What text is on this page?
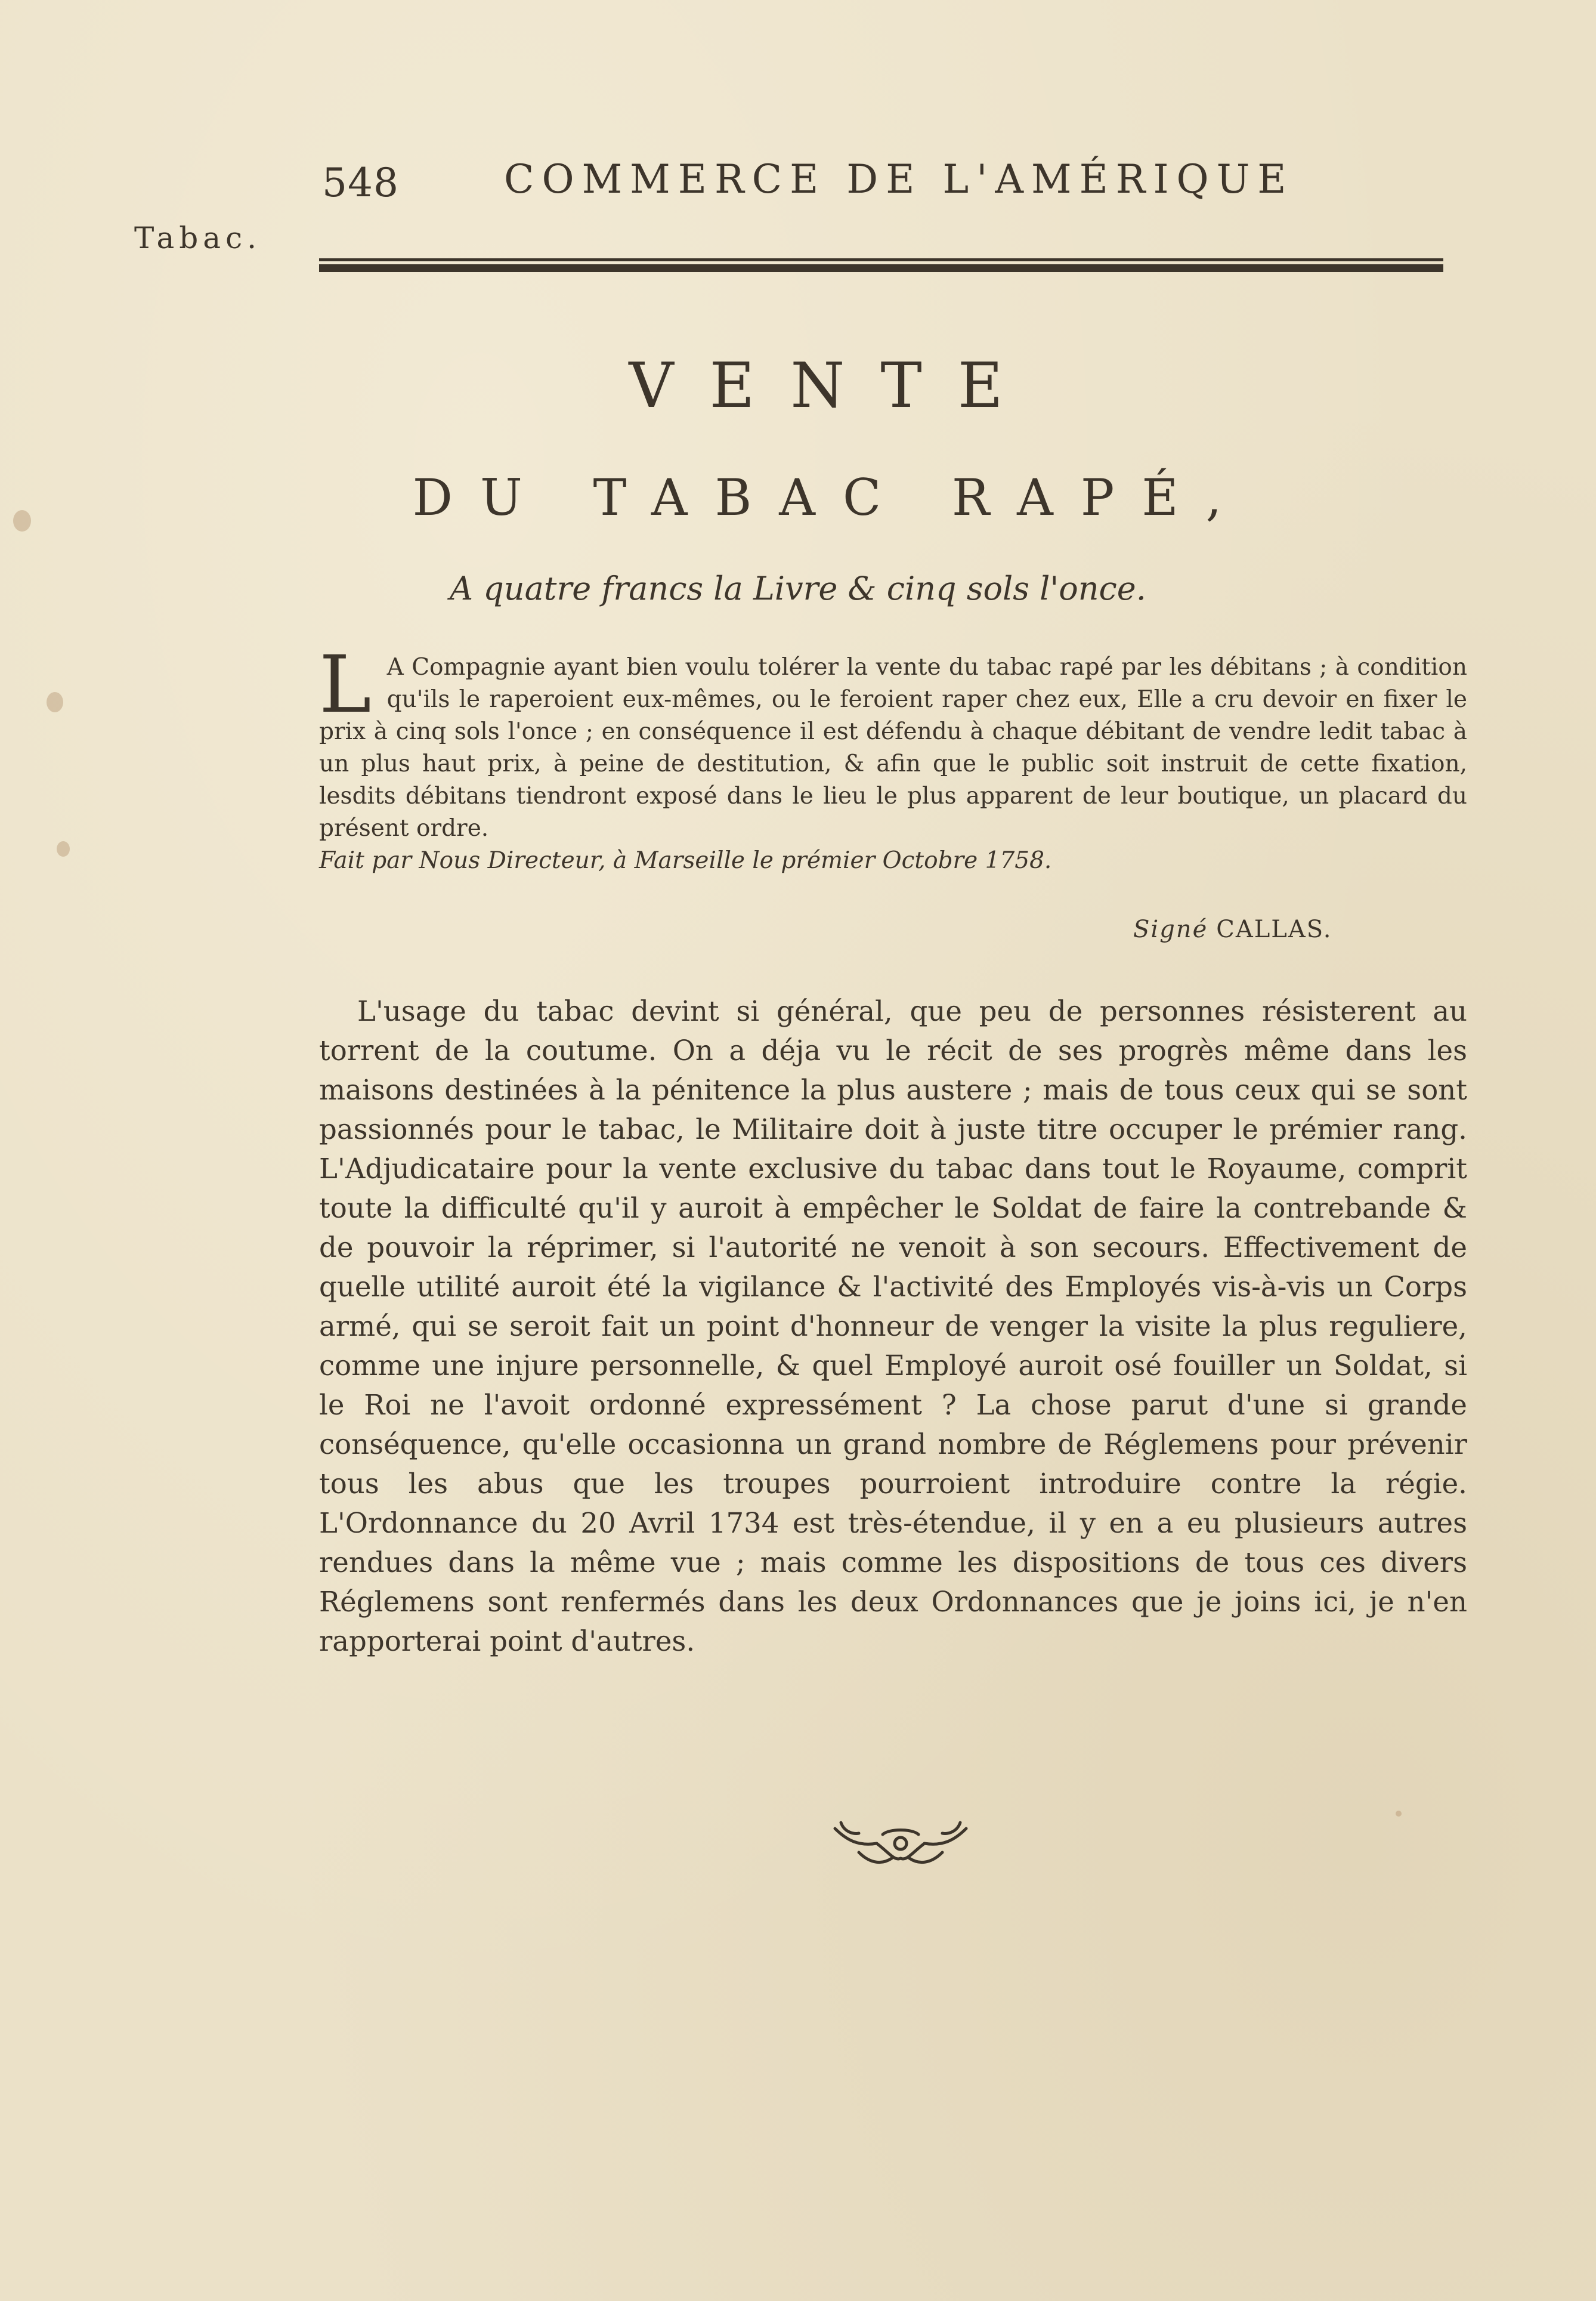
548	COMMERCE DE L'AMÉRIQUE
Tabac.
VENTE
DU TABAC RAPÉ,
A quatre francs la Livre & cinq sols l'once.
L A Compagnie ayant bien voulu tolérer la vente du tabac rapé par les débitans ; à condition qu'ils le raperoient eux-mêmes, ou le feroient raper chez eux, Elle a cru devoir en fixer le prix à cinq sols l'once ; en conséquence il est défendu à chaque débitant de vendre ledit tabac à un plus haut prix, à peine de destitution, & afin que le public soit instruit de cette fixation, lesdits débitans tiendront exposé dans le lieu le plus apparent de leur boutique, un placard du présent ordre.
Fait par Nous Directeur, à Marseille le prémier Octobre 1758.
Signé CALLAS.
L'usage du tabac devint si général, que peu de personnes résisterent au torrent de la coutume. On a déja vu le récit de ses progrès même dans les maisons destinées à la pénitence la plus austere ; mais de tous ceux qui se sont passionnés pour le tabac, le Militaire doit à juste titre occuper le prémier rang. L'Adjudicataire pour la vente exclusive du tabac dans tout le Royaume, comprit toute la difficulté qu'il y auroit à empêcher le Soldat de faire la contrebande & de pouvoir la réprimer, si l'autorité ne venoit à son secours. Effectivement de quelle utilité auroit été la vigilance & l'activité des Employés vis-à-vis un Corps armé, qui se seroit fait un point d'honneur de venger la visite la plus reguliere, comme une injure personnelle, & quel Employé auroit osé fouiller un Soldat, si le Roi ne l'avoit ordonné expressément ? La chose parut d'une si grande conséquence, qu'elle occasionna un grand nombre de Réglemens pour prévenir tous les abus que les troupes pourroient introduire contre la régie. L'Ordonnance du 20 Avril 1734 est très-étendue, il y en a eu plusieurs autres rendues dans la même vue ; mais comme les dispositions de tous ces divers Réglemens sont renfermés dans les deux Ordonnances que je joins ici, je n'en rapporterai point d'autres.
